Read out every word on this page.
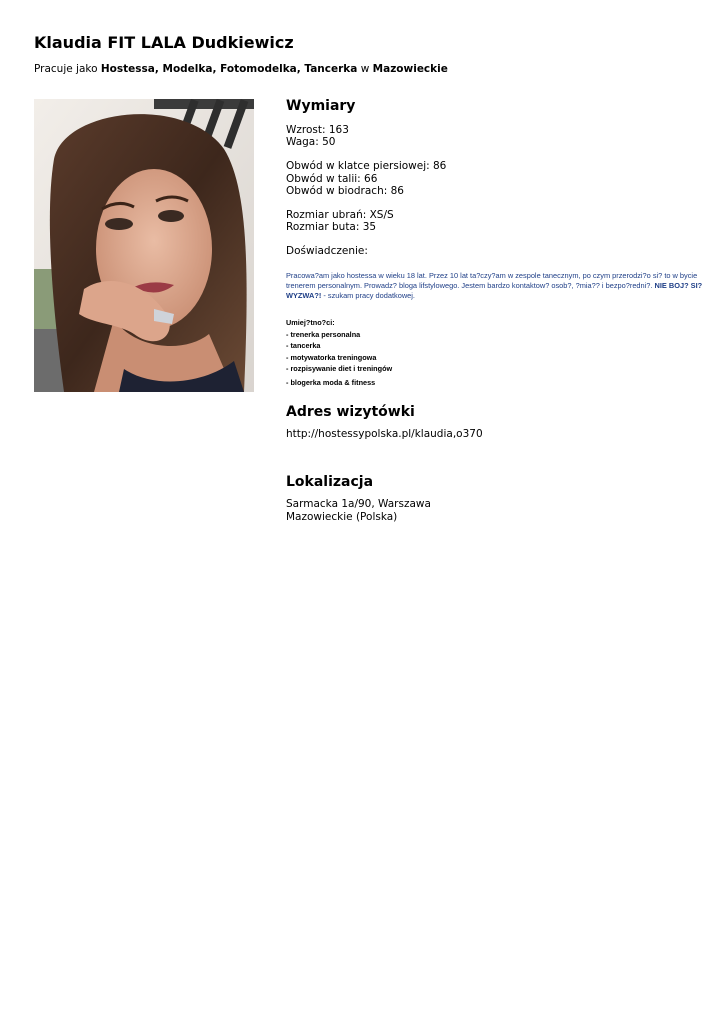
Klaudia FIT LALA Dudkiewicz

Pracuje jako Hostessa, Modelka, Fotomodelka, Tancerka w Mazowieckie

Wymiary

Wzrost: 163

Waga: 50

Obwód w klatce piersiowej: 86

Obwód w talii: 66

Obwód w biodrach: 86

Rozmiar ubrań: XS/S

Rozmiar buta: 35

Doświadczenie:

Pracowa?am jako hostessa w wieku 18 lat. Przez 10 lat ta?czy?am w zespole tanecznym, po czym przerodzi?o si? to w bycie trenerem personalnym. Prowadz? bloga lifstylowego. Jestem bardzo kontaktow? osob?, ?mia?? i bezpo?redni?. NIE BOJ? SI? WYZWA?! - szukam pracy dodatkowej.

Umiej?tno?ci:
- trenerka personalna
- tancerka
- motywatorka treningowa
- rozpisywanie diet i treningów
- blogerka moda & fitness
Adres wizytówki

http://hostessypolska.pl/klaudia,o370

Lokalizacja

Sarmacka 1a/90, Warszawa

Mazowieckie (Polska)
